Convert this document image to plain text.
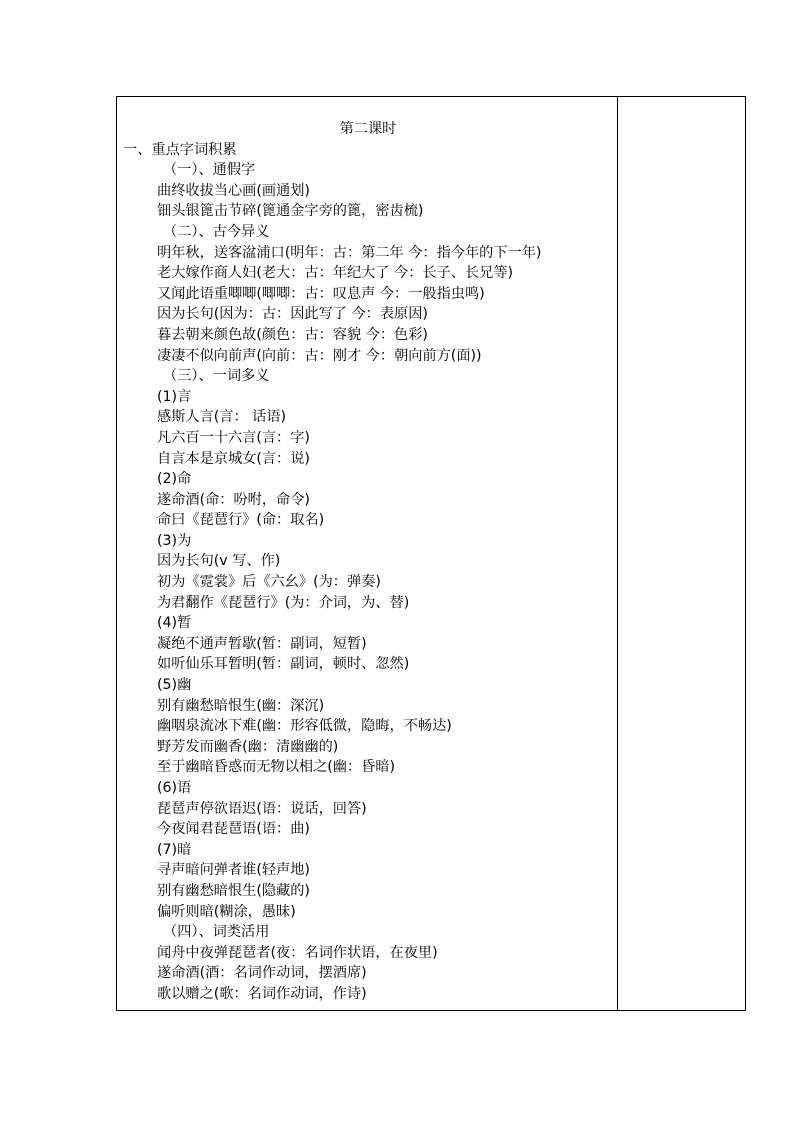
第二课时
一、重点字词积累
（一）、通假字
曲终收拔当心画(画通划)
钿头银篦击节碎(篦通金字旁的篦，密齿梳)
（二）、古今异义
明年秋，送客湓浦口(明年：古：第二年 今：指今年的下一年)
老大嫁作商人妇(老大：古：年纪大了 今：长子、长兄等)
又闻此语重唧唧(唧唧：古：叹息声 今：一般指虫鸣)
因为长句(因为：古：因此写了 今：表原因)
暮去朝来颜色故(颜色：古：容貌 今：色彩)
凄凄不似向前声(向前：古：刚才 今：朝向前方(面))
（三）、一词多义
(1)言
感斯人言(言： 话语)
凡六百一十六言(言：字)
自言本是京城女(言：说)
(2)命
遂命酒(命：吩咐，命令)
命曰《琵琶行》(命：取名)
(3)为
因为长句(v 写、作)
初为《霓裳》后《六幺》(为：弹奏)
为君翻作《琵琶行》(为：介词，为、替)
(4)暂
凝绝不通声暂歇(暂：副词，短暂)
如听仙乐耳暂明(暂：副词，顿时、忽然)
(5)幽
别有幽愁暗恨生(幽：深沉)
幽咽泉流冰下难(幽：形容低微，隐晦，不畅达)
野芳发而幽香(幽：清幽幽的)
至于幽暗昏惑而无物以相之(幽：昏暗)
(6)语
琵琶声停欲语迟(语：说话，回答)
今夜闻君琵琶语(语：曲)
(7)暗
寻声暗问弹者谁(轻声地)
别有幽愁暗恨生(隐藏的)
偏听则暗(糊涂，愚昧)
（四）、词类活用
闻舟中夜弹琵琶者(夜：名词作状语，在夜里)
遂命酒(酒：名词作动词，摆酒席)
歌以赠之(歌：名词作动词，作诗)
